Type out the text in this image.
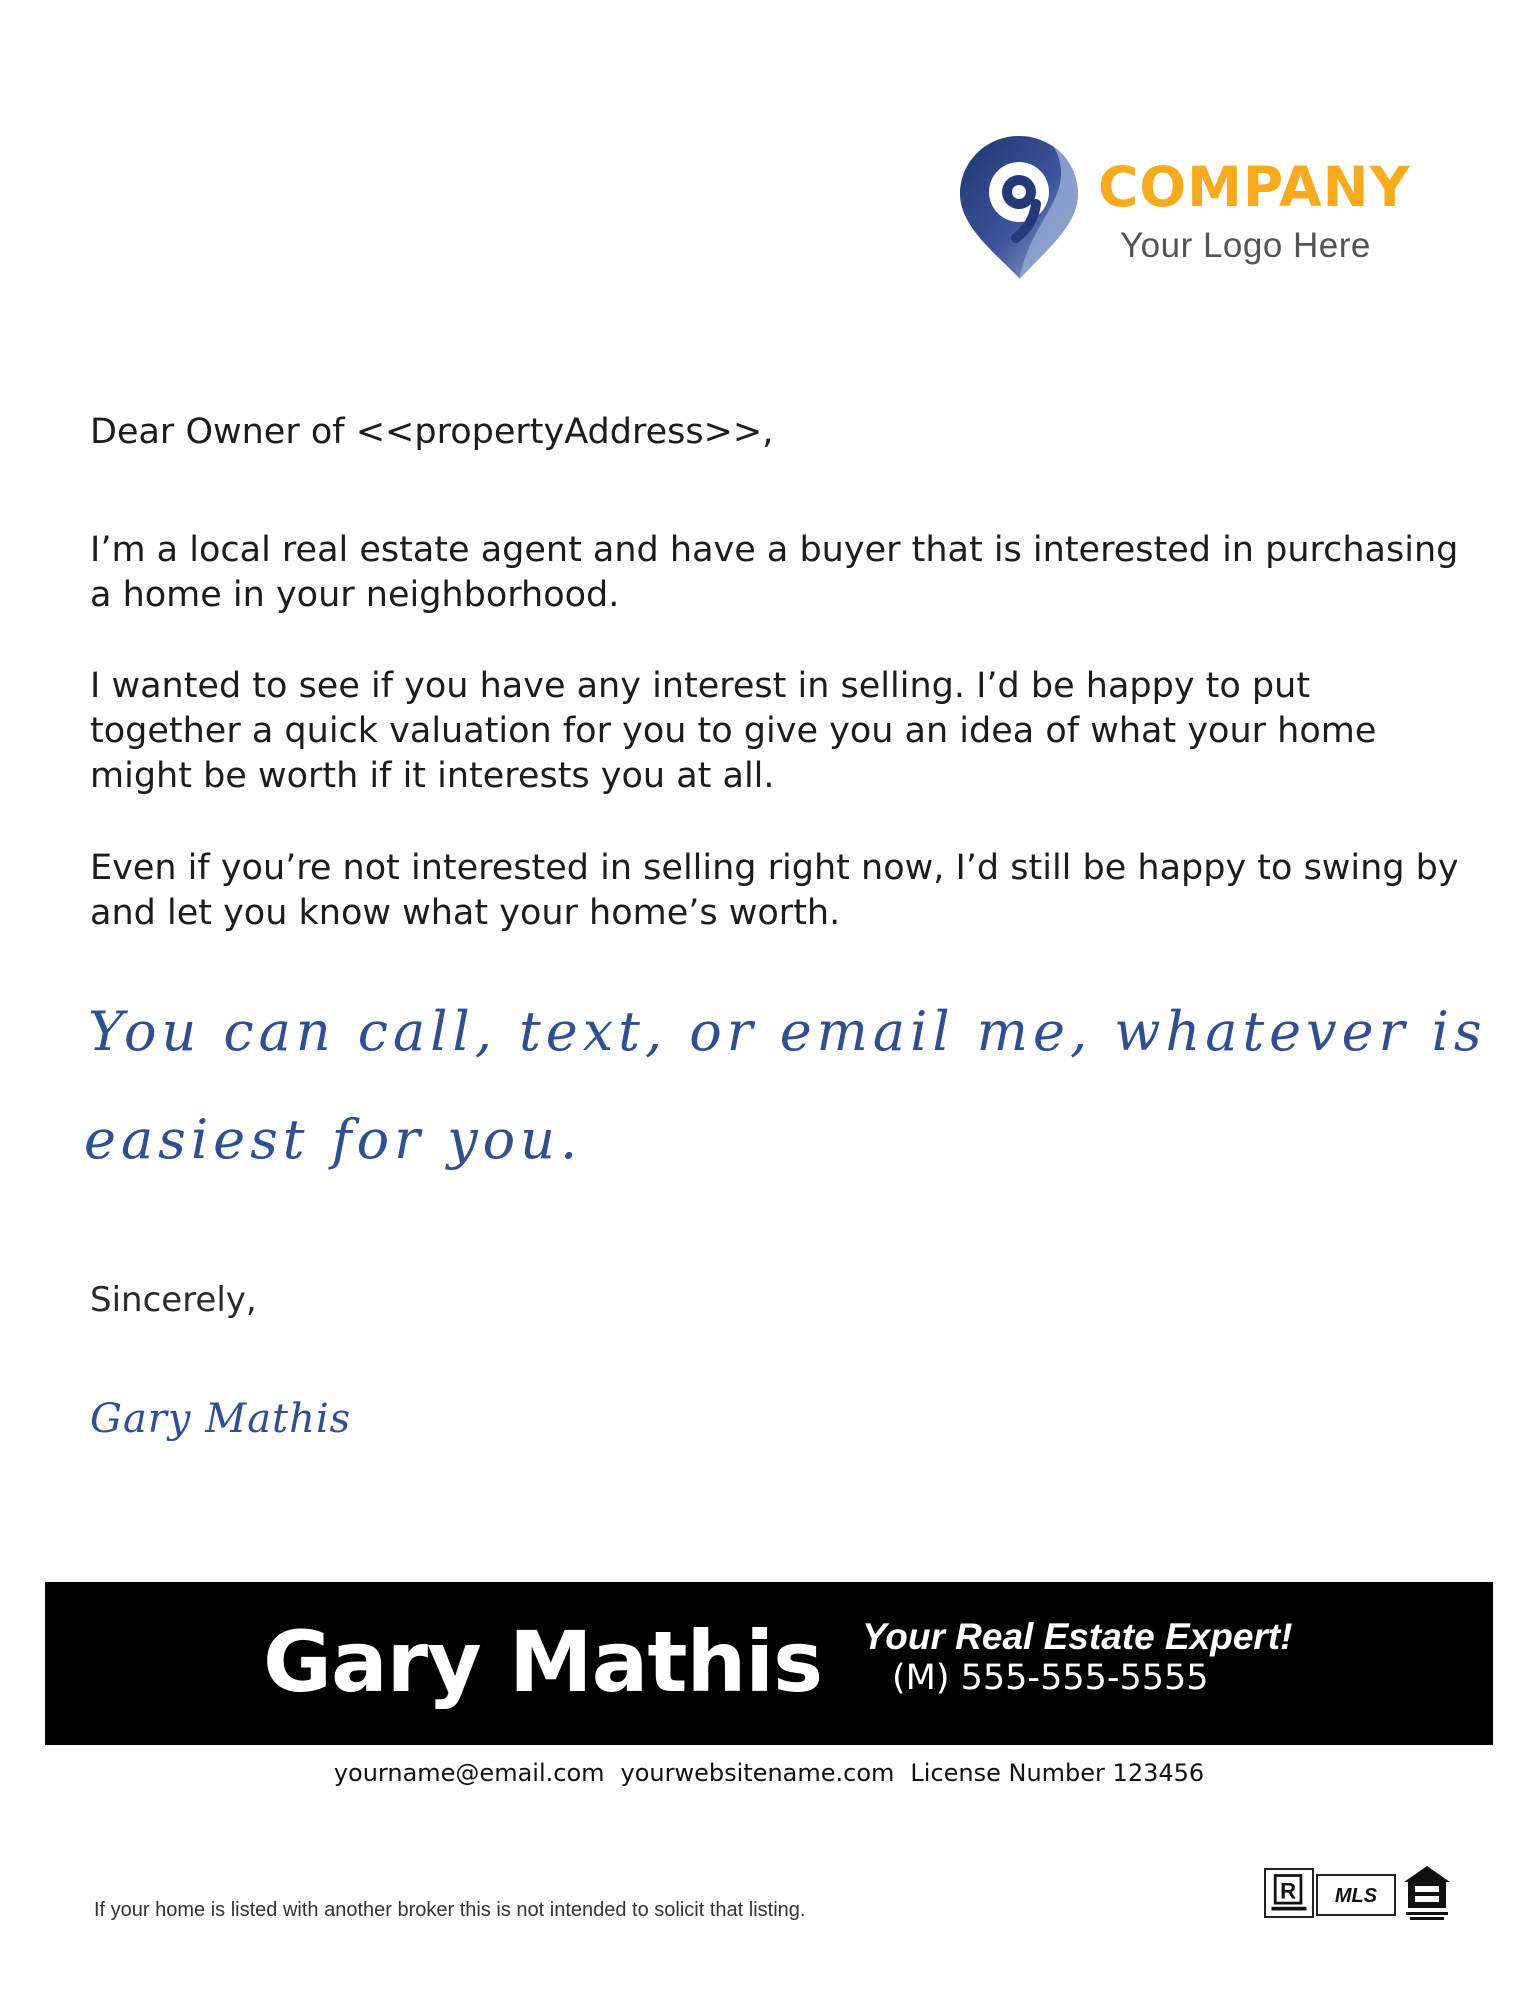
COMPANY
Your Logo Here

Dear Owner of <<propertyAddress>>,

I’m a local real estate agent and have a buyer that is interested in purchasing a home in your neighborhood.

I wanted to see if you have any interest in selling. I’d be happy to put together a quick valuation for you to give you an idea of what your home might be worth if it interests you at all.

Even if you’re not interested in selling right now, I’d still be happy to swing by and let you know what your home’s worth.

You can call, text, or email me, whatever is

easiest for you.

Sincerely,

Gary Mathis

Gary Mathis Your Real Estate Expert!
(M) 555-555-5555
yourname@email.com yourwebsitename.com License Number 123456
If your home is listed with another broker this is not intended to solicit that listing.
R	MLS
